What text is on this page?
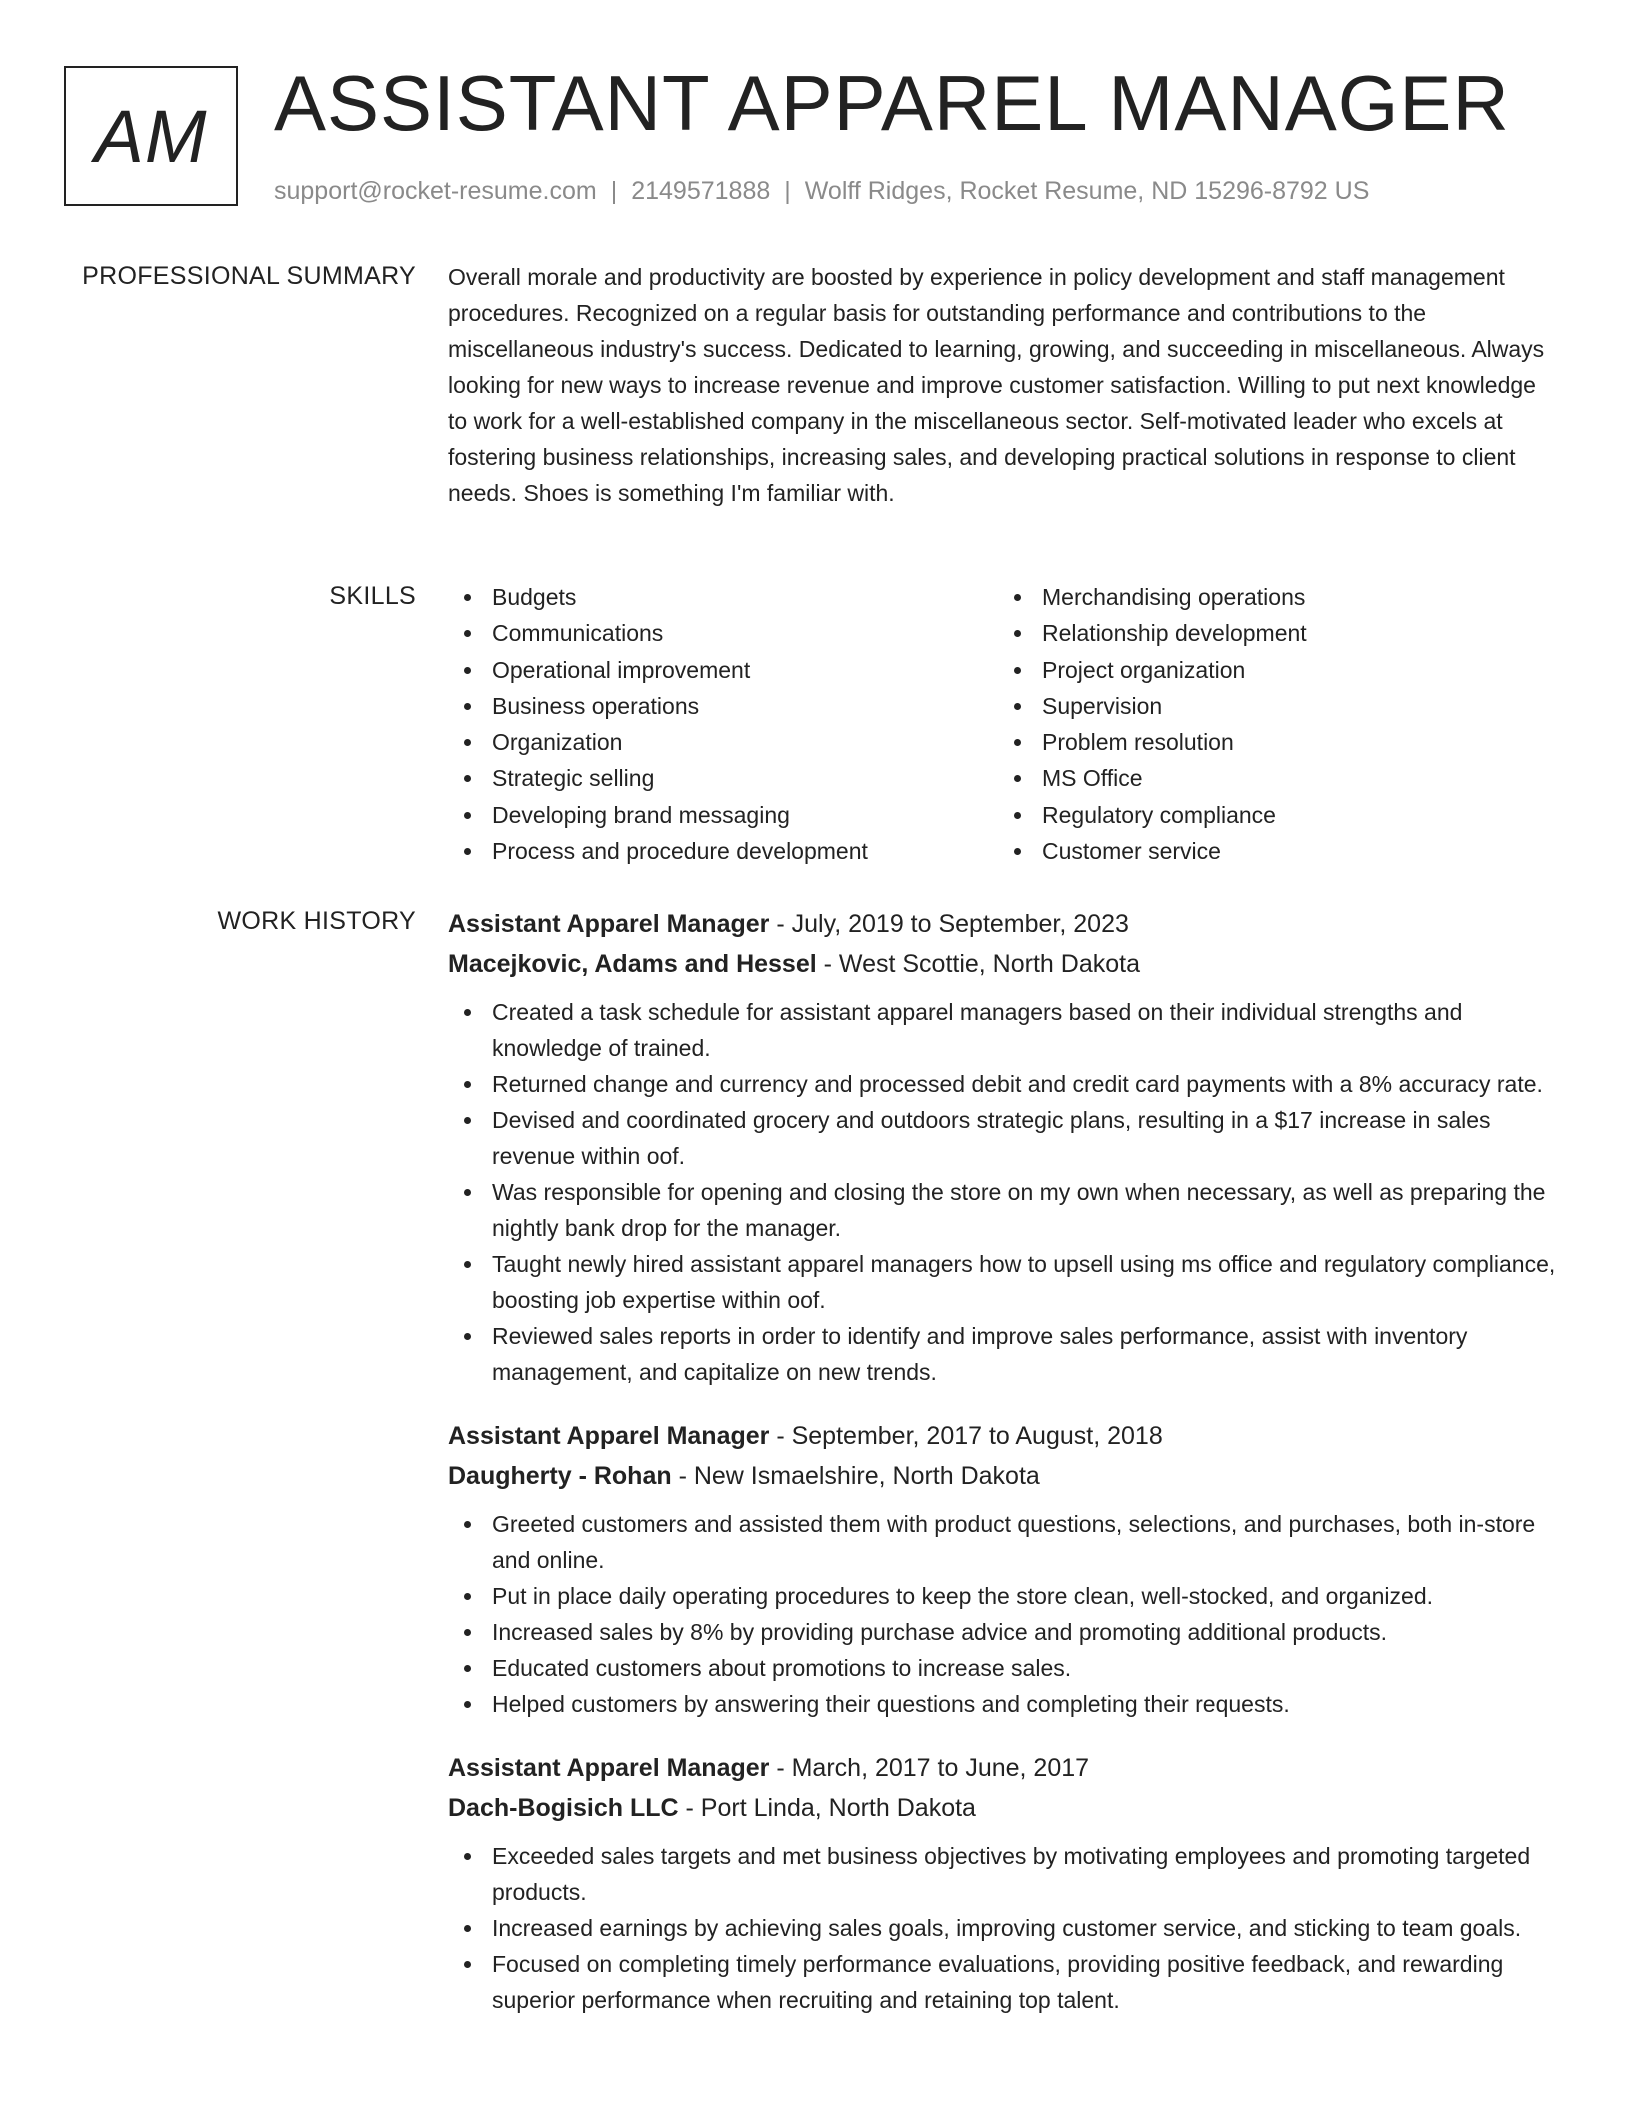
AM ASSISTANT APPAREL MANAGER
support@rocket-resume.com | 2149571888 | Wolff Ridges, Rocket Resume, ND 15296-8792 US
PROFESSIONAL SUMMARY Overall morale and productivity are boosted by experience in policy development and staff management procedures. Recognized on a regular basis for outstanding performance and contributions to the miscellaneous industry's success. Dedicated to learning, growing, and succeeding in miscellaneous. Always looking for new ways to increase revenue and improve customer satisfaction. Willing to put next knowledge to work for a well-established company in the miscellaneous sector. Self-motivated leader who excels at fostering business relationships, increasing sales, and developing practical solutions in response to client needs. Shoes is something I'm familiar with.

SKILLS	Budgets
Communications
Operational improvement
Business operations
Organization
Strategic selling
Developing brand messaging
Process and procedure development
Merchandising operations
Relationship development
Project organization
Supervision
Problem resolution
MS Office
Regulatory compliance
Customer service
WORK HISTORY Assistant Apparel Manager - July, 2019 to September, 2023
Macejkovic, Adams and Hessel - West Scottie, North Dakota
Created a task schedule for assistant apparel managers based on their individual strengths and knowledge of trained.
Returned change and currency and processed debit and credit card payments with a 8% accuracy rate.
Devised and coordinated grocery and outdoors strategic plans, resulting in a $17 increase in sales revenue within oof.
Was responsible for opening and closing the store on my own when necessary, as well as preparing the nightly bank drop for the manager.
Taught newly hired assistant apparel managers how to upsell using ms office and regulatory compliance, boosting job expertise within oof.
Reviewed sales reports in order to identify and improve sales performance, assist with inventory management, and capitalize on new trends.
Assistant Apparel Manager - September, 2017 to August, 2018
Daugherty - Rohan - New Ismaelshire, North Dakota
Greeted customers and assisted them with product questions, selections, and purchases, both in-store and online.
Put in place daily operating procedures to keep the store clean, well-stocked, and organized.
Increased sales by 8% by providing purchase advice and promoting additional products.
Educated customers about promotions to increase sales.
Helped customers by answering their questions and completing their requests.
Assistant Apparel Manager - March, 2017 to June, 2017
Dach-Bogisich LLC - Port Linda, North Dakota
Exceeded sales targets and met business objectives by motivating employees and promoting targeted products.
Increased earnings by achieving sales goals, improving customer service, and sticking to team goals.
Focused on completing timely performance evaluations, providing positive feedback, and rewarding superior performance when recruiting and retaining top talent.
